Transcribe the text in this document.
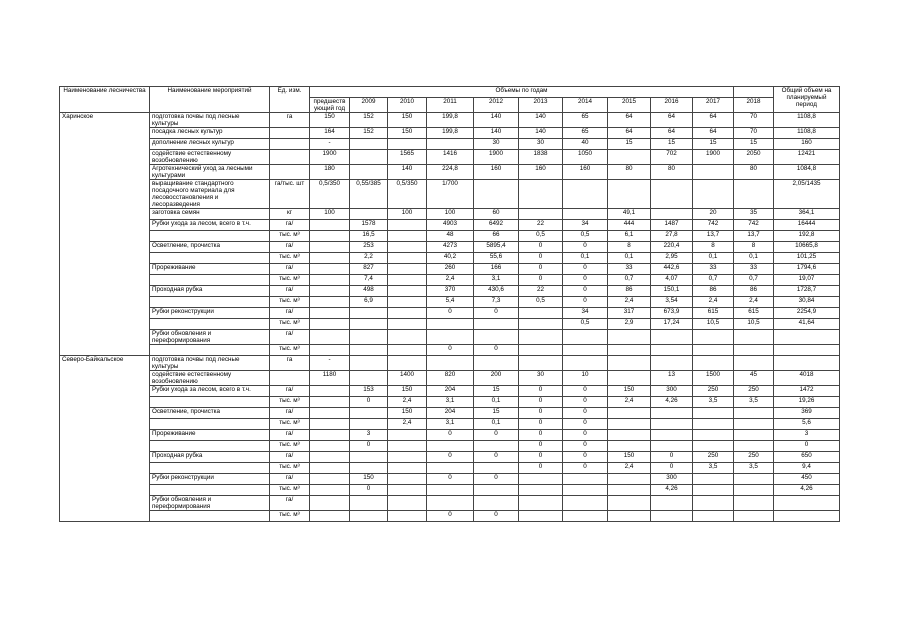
Наименование лесничества	Наименование мероприятий	Ед. изм.	Объемы по годам											Общий объем на планируемый период
			предшеств ующий год	2009	2010	2011	2012	2013	2014	2015	2016	2017	2018	
Харинское	подготовка почвы под лесные культуры	га	150	152	150	199,8	140	140	65	64	64	64	70	1108,8
	посадка лесных культур		164	152	150	199,8	140	140	65	64	64	64	70	1108,8
	дополнение лесных культур		-				30	30	40	15	15	15	15	160
	содействие естественному возобновлению		1900		1565	1416	1900	1838	1050		702	1900	2050	12421
	Агротехнический уход за лесными культурами		180		140	224,8	160	160	160	80	80		80	1084,8
	выращивание стандартного посадочного материала для лесовосстановления и лесоразведения	га/тыс. шт	0,5/350	0,55/385	0,5/350	1/700								2,05/1435
	заготовка семян	кг	100		100	100	60			49,1		20	35	364,1
	Рубки ухода за лесом, всего в т.ч.	га/		1578		4903	6492	22	34	444	1487	742	742	16444
		тыс. м³		16,5		48	66	0,5	0,5	6,1	27,8	13,7	13,7	192,8
	Осветление, прочистка	га/		253		4273	5895,4	0	0	8	220,4	8	8	10665,8
		тыс. м³		2,2		40,2	55,6	0	0,1	0,1	2,95	0,1	0,1	101,25
	Прореживание	га/		827		260	166	0	0	33	442,6	33	33	1794,6
		тыс. м³		7,4		2,4	3,1	0	0	0,7	4,07	0,7	0,7	19,07
	Проходная рубка	га/		498		370	430,6	22	0	86	150,1	86	86	1728,7
		тыс. м³		6,9		5,4	7,3	0,5	0	2,4	3,54	2,4	2,4	30,84
	Рубки реконструкции	га/				0	0		34	317	673,9	615	615	2254,9
		тыс. м³							0,5	2,9	17,24	10,5	10,5	41,64
	Рубки обновления и переформирования	га/												
		тыс. м³				0	0							
Северо-Байкальское	подготовка почвы под лесные культуры	га	-											
	содействие естественному возобновлению		1180		1400	820	200	30	10		13	1500	45	4018
	Рубки ухода за лесом, всего в т.ч.	га/		153	150	204	15	0	0	150	300	250	250	1472
		тыс. м³		0	2,4	3,1	0,1	0	0	2,4	4,26	3,5	3,5	19,26
	Осветление, прочистка	га/			150	204	15	0	0					369
		тыс. м³			2,4	3,1	0,1	0	0					5,6
	Прореживание	га/		3		0	0	0	0					3
		тыс. м³		0				0	0					0
	Проходная рубка	га/				0	0	0	0	150	0	250	250	650
		тыс. м³						0	0	2,4	0	3,5	3,5	9,4
	Рубки реконструкции	га/		150		0	0				300			450
		тыс. м³		0							4,26			4,26
	Рубки обновления и переформирования	га/												
		тыс. м³				0	0							
